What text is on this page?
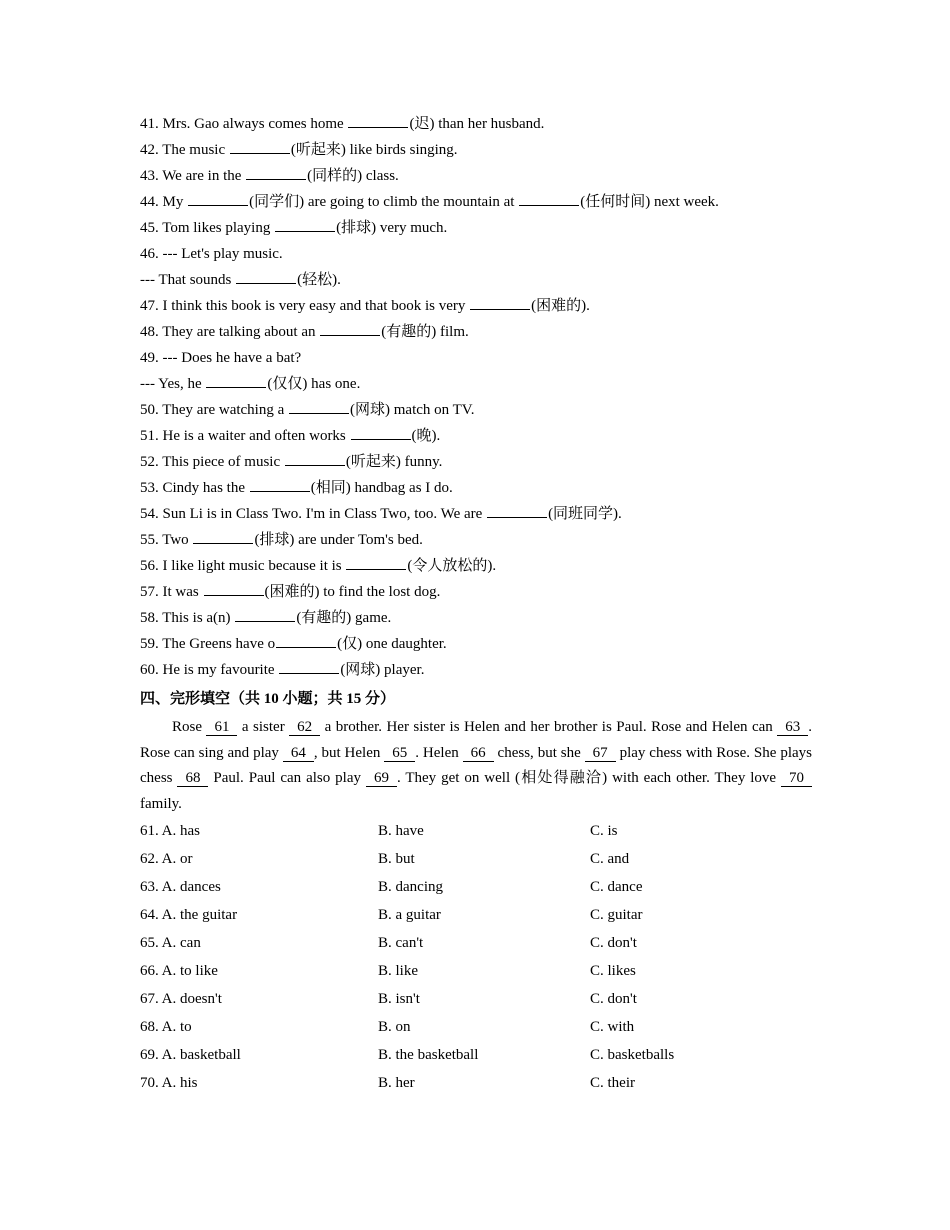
41. Mrs. Gao always comes home	(迟) than her husband.
42. The music	(听起来) like birds singing.
43. We are in the	(同样的) class.
44. My	(同学们) are going to climb the mountain at	(任何时间) next week.
45. Tom likes playing	(排球) very much.
46. --- Let's play music.
--- That sounds	(轻松).
47. I think this book is very easy and that book is very	(困难的).
48. They are talking about an	(有趣的) film.
49. --- Does he have a bat?
--- Yes, he	(仅仅) has one.
50. They are watching a	(网球) match on TV.
51. He is a waiter and often works	(晚).
52. This piece of music	(听起来) funny.
53. Cindy has the	(相同) handbag as I do.
54. Sun Li is in Class Two. I'm in Class Two, too. We are	(同班同学).
55. Two	(排球) are under Tom's bed.
56. I like light music because it is	(令人放松的).
57. It was	(困难的) to find the lost dog.
58. This is a(n)	(有趣的) game.
59. The Greens have o	(仅) one daughter.
60. He is my favourite	(网球) player.
四、完形填空（共 10 小题；共 15 分）
Rose 61 a sister 62 a brother. Her sister is Helen and her brother is Paul. Rose and Helen can 63 . Rose can sing and play 64 , but Helen 65 . Helen 66 chess, but she 67 play chess with Rose. She plays chess 68 Paul. Paul can also play 69 . They get on well (相处得融洽) with each other. They love 70 family.
61. A. has	B. have	C. is
62. A. or	B. but	C. and
63. A. dances	B. dancing	C. dance
64. A. the guitar	B. a guitar	C. guitar
65. A. can	B. can't	C. don't
66. A. to like	B. like	C. likes
67. A. doesn't	B. isn't	C. don't
68. A. to	B. on	C. with
69. A. basketball	B. the basketball	C. basketballs
70. A. his	B. her	C. their
